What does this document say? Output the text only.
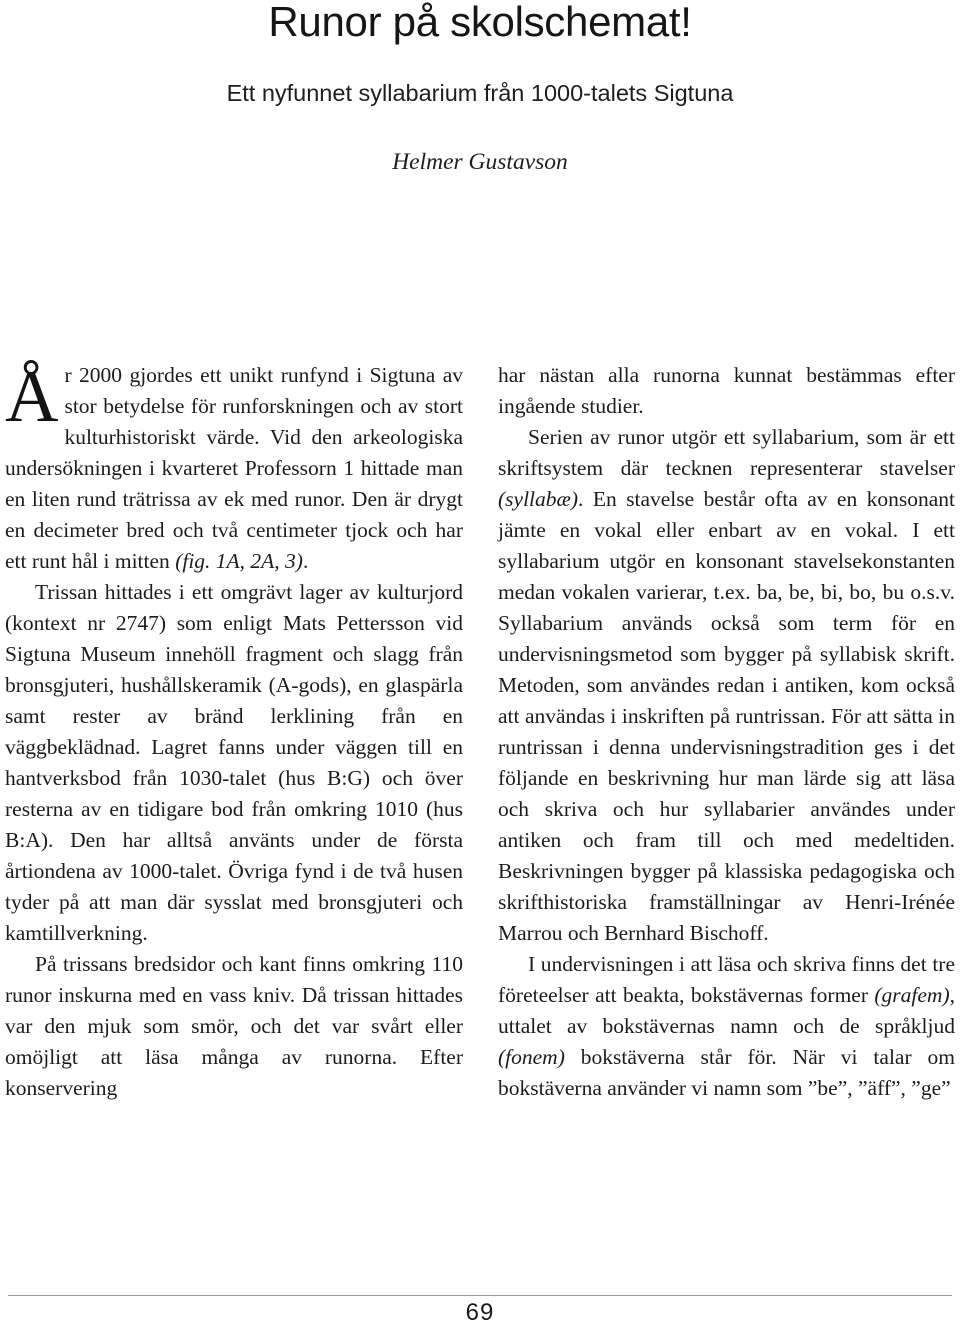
Runor på skolschemat!
Ett nyfunnet syllabarium från 1000-talets Sigtuna
Helmer Gustavson

År 2000 gjordes ett unikt runfynd i Sigtuna av stor betydelse för runforskningen och av stort kulturhistoriskt värde. Vid den arkeologiska undersökningen i kvarteret Professorn 1 hittade man en liten rund trätrissa av ek med runor. Den är drygt en decimeter bred och två centimeter tjock och har ett runt hål i mitten (fig. 1A, 2A, 3).

Trissan hittades i ett omgrävt lager av kulturjord (kontext nr 2747) som enligt Mats Pettersson vid Sigtuna Museum innehöll fragment och slagg från bronsgjuteri, hushållskeramik (A-gods), en glaspärla samt rester av bränd lerklining från en väggbeklädnad. Lagret fanns under väggen till en hantverksbod från 1030-talet (hus B:G) och över resterna av en tidigare bod från omkring 1010 (hus B:A). Den har alltså använts under de första årtiondena av 1000-talet. Övriga fynd i de två husen tyder på att man där sysslat med bronsgjuteri och kamtillverkning.

På trissans bredsidor och kant finns omkring 110 runor inskurna med en vass kniv. Då trissan hittades var den mjuk som smör, och det var svårt eller omöjligt att läsa många av runorna. Efter konservering

har nästan alla runorna kunnat bestämmas efter ingående studier.

Serien av runor utgör ett syllabarium, som är ett skriftsystem där tecknen representerar stavelser (syllabæ). En stavelse består ofta av en konsonant jämte en vokal eller enbart av en vokal. I ett syllabarium utgör en konsonant stavelsekonstanten medan vokalen varierar, t.ex. ba, be, bi, bo, bu o.s.v. Syllabarium används också som term för en undervisningsmetod som bygger på syllabisk skrift. Metoden, som användes redan i antiken, kom också att användas i inskriften på runtrissan. För att sätta in runtrissan i denna undervisningstradition ges i det följande en beskrivning hur man lärde sig att läsa och skriva och hur syllabarier användes under antiken och fram till och med medeltiden. Beskrivningen bygger på klassiska pedagogiska och skrifthistoriska framställningar av Henri-Irénée Marrou och Bernhard Bischoff.

I undervisningen i att läsa och skriva finns det tre företeelser att beakta, bokstävernas former (grafem), uttalet av bokstävernas namn och de språkljud (fonem) bokstäverna står för. När vi talar om bokstäverna använder vi namn som ”be”, ”äff”, ”ge”

69
